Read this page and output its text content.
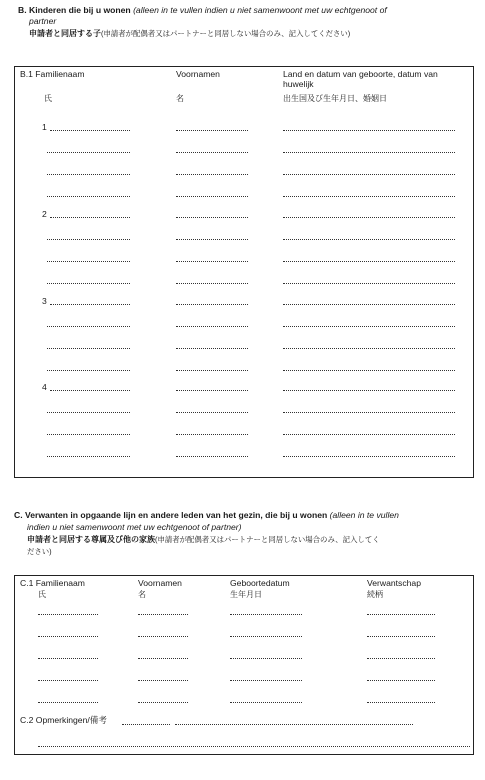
B. Kinderen die bij u wonen (alleen in te vullen indien u niet samenwoont met uw echtgenoot of
partner
申請者と同居する子(申請者が配偶者又はパートナーと同居しない場合のみ、記入してください)
B.1 Familienaam
氏
Voornamen
名
Land en datum van geboorte, datum van
huwelijk
出生国及び生年月日、婚姻日
1
2
3
4
C. Verwanten in opgaande lijn en andere leden van het gezin, die bij u wonen (alleen in te vullen
indien u niet samenwoont met uw echtgenoot of partner)
申請者と同居する尊属及び他の家族(申請者が配偶者又はパートナーと同居しない場合のみ、記入してく
ださい)
C.1 Familienaam
氏
Voornamen
名
Geboortedatum
生年月日
Verwantschap
続柄
C.2 Opmerkingen/備考
